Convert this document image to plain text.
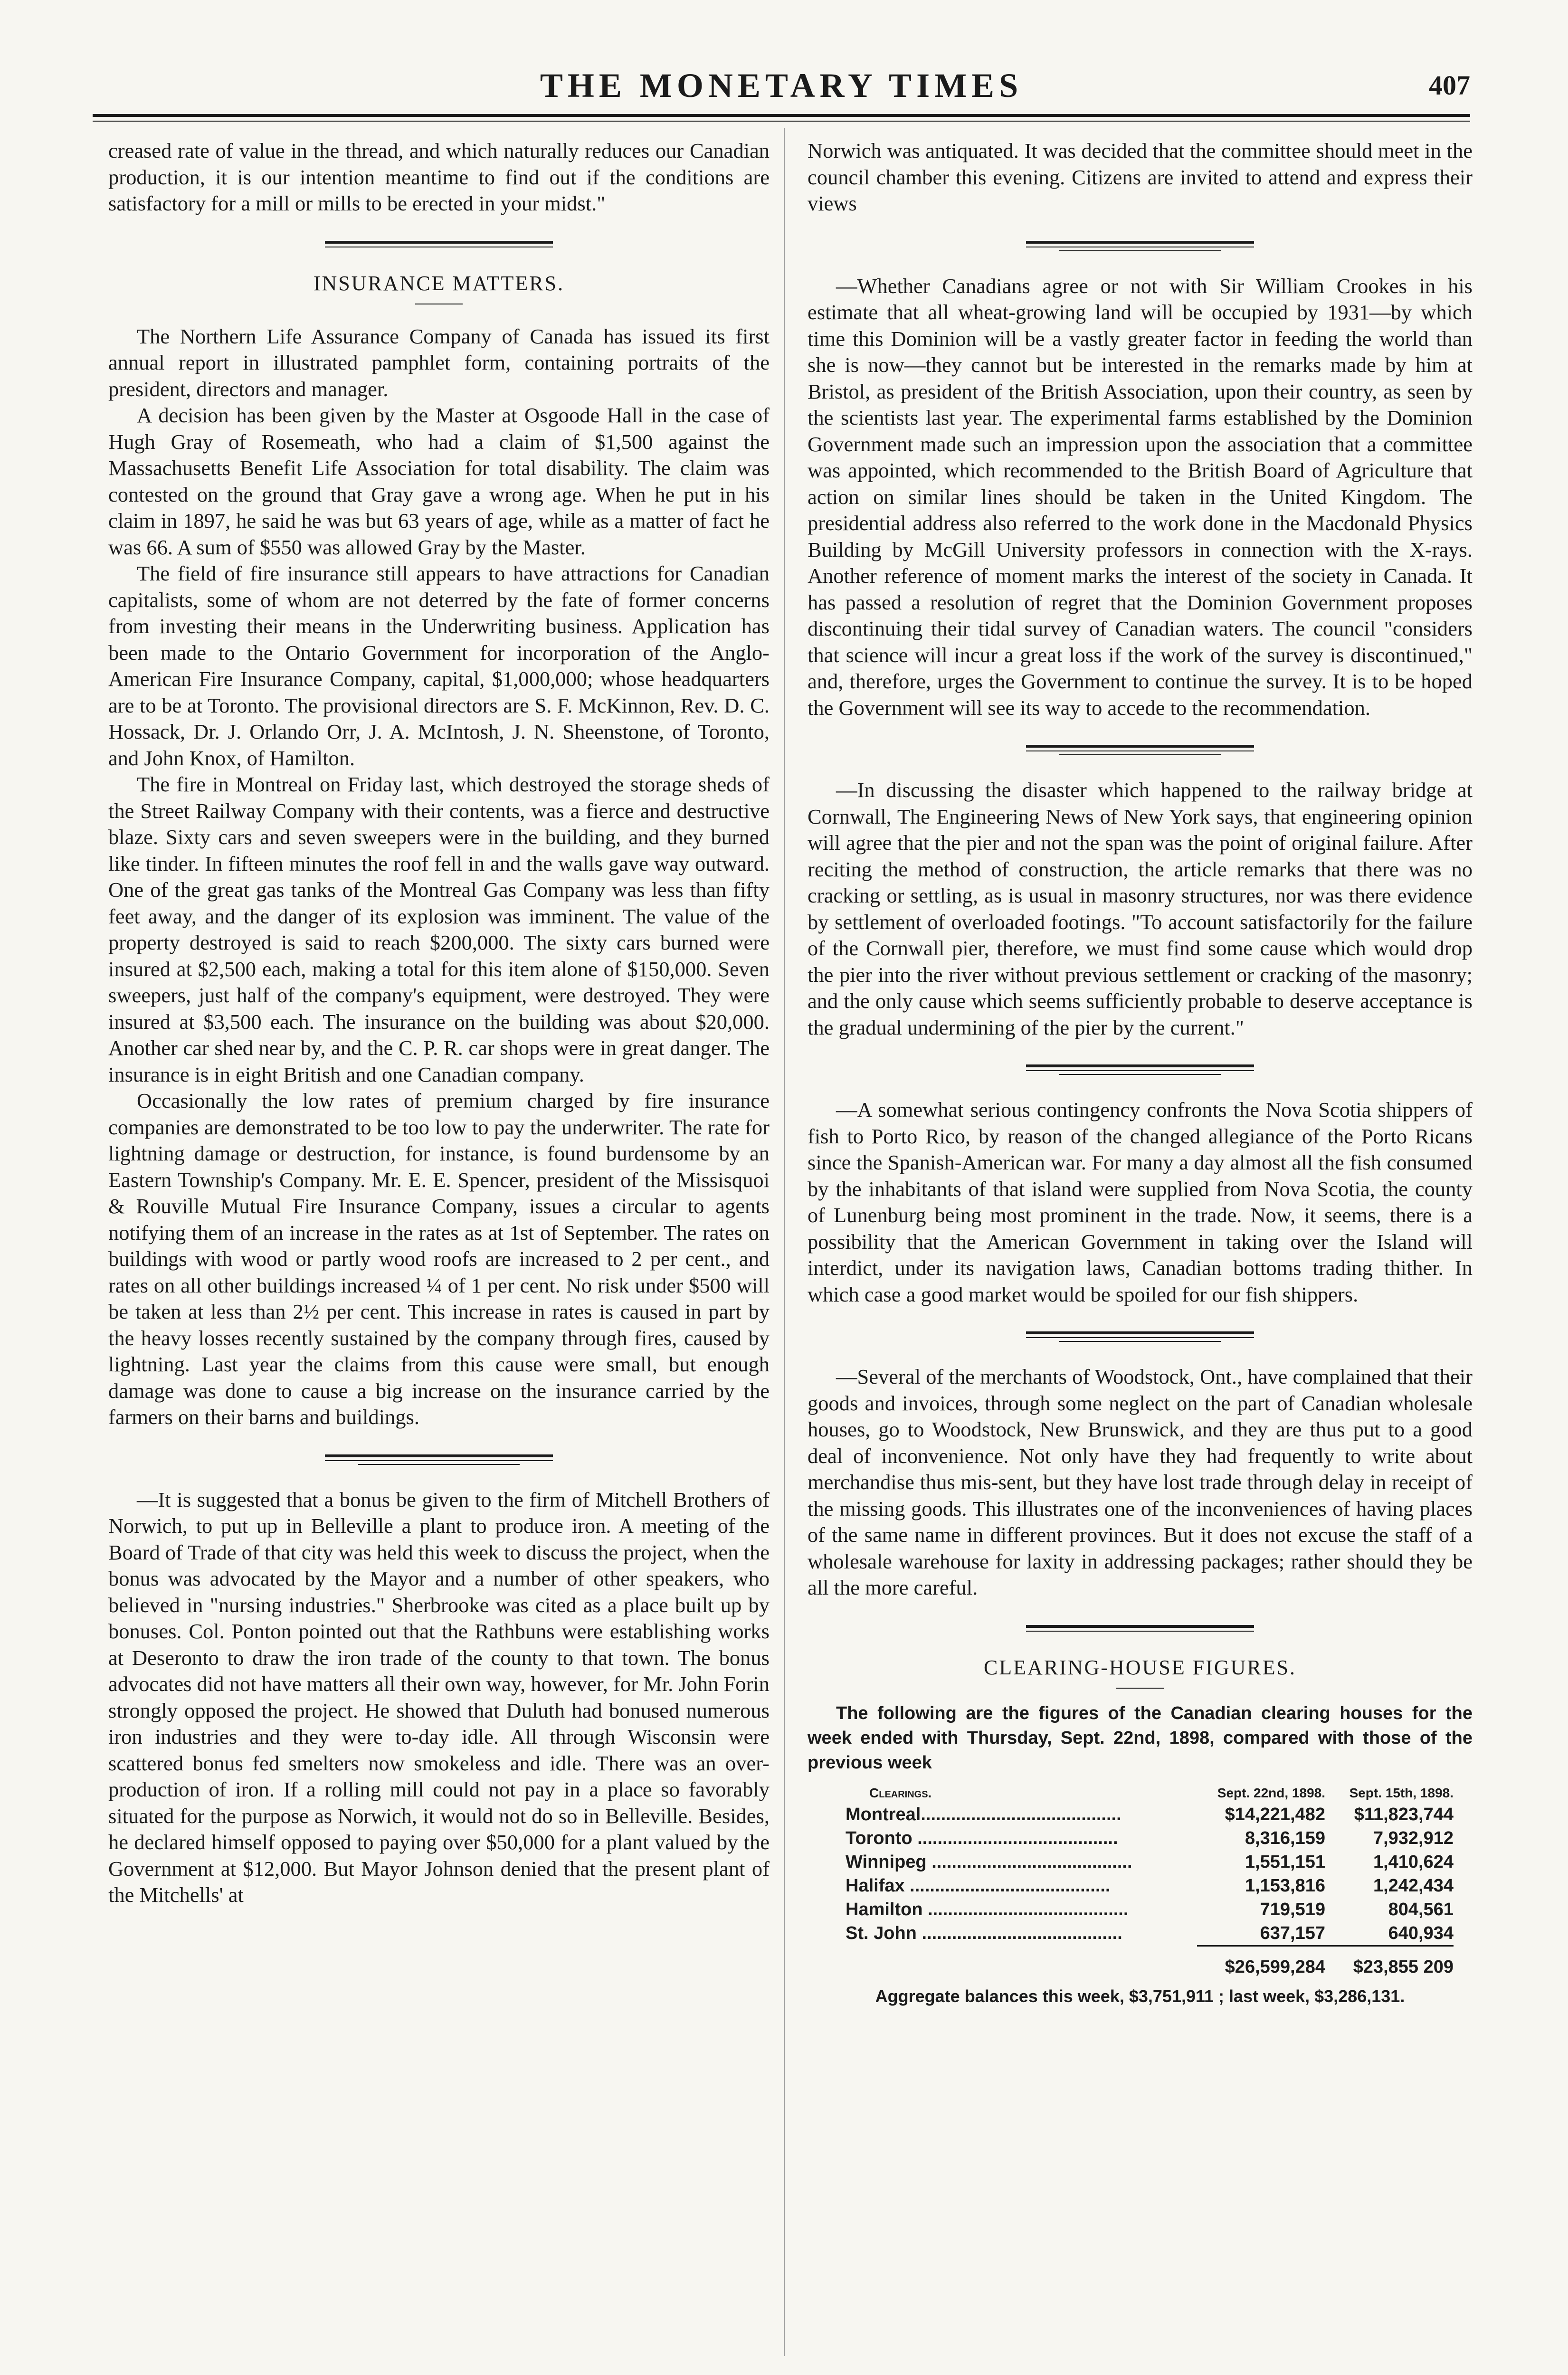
THE MONETARY TIMES	407

creased rate of value in the thread, and which naturally reduces our Canadian production, it is our intention meantime to find out if the conditions are satisfactory for a mill or mills to be erected in your midst."

INSURANCE MATTERS.

The Northern Life Assurance Company of Canada has issued its first annual report in illustrated pamphlet form, containing portraits of the president, directors and manager.

A decision has been given by the Master at Osgoode Hall in the case of Hugh Gray of Rosemeath, who had a claim of $1,500 against the Massachusetts Benefit Life Association for total disability. The claim was contested on the ground that Gray gave a wrong age. When he put in his claim in 1897, he said he was but 63 years of age, while as a matter of fact he was 66. A sum of $550 was allowed Gray by the Master.

The field of fire insurance still appears to have attractions for Canadian capitalists, some of whom are not deterred by the fate of former concerns from investing their means in the Underwriting business. Application has been made to the Ontario Government for incorporation of the Anglo-American Fire Insurance Company, capital, $1,000,000; whose headquarters are to be at Toronto. The provisional directors are S. F. McKinnon, Rev. D. C. Hossack, Dr. J. Orlando Orr, J. A. McIntosh, J. N. Sheenstone, of Toronto, and John Knox, of Hamilton.

The fire in Montreal on Friday last, which destroyed the storage sheds of the Street Railway Company with their contents, was a fierce and destructive blaze. Sixty cars and seven sweepers were in the building, and they burned like tinder. In fifteen minutes the roof fell in and the walls gave way outward. One of the great gas tanks of the Montreal Gas Company was less than fifty feet away, and the danger of its explosion was imminent. The value of the property destroyed is said to reach $200,000. The sixty cars burned were insured at $2,500 each, making a total for this item alone of $150,000. Seven sweepers, just half of the company's equipment, were destroyed. They were insured at $3,500 each. The insurance on the building was about $20,000. Another car shed near by, and the C. P. R. car shops were in great danger. The insurance is in eight British and one Canadian company.

Occasionally the low rates of premium charged by fire insurance companies are demonstrated to be too low to pay the underwriter. The rate for lightning damage or destruction, for instance, is found burdensome by an Eastern Township's Company. Mr. E. E. Spencer, president of the Missisquoi & Rouville Mutual Fire Insurance Company, issues a circular to agents notifying them of an increase in the rates as at 1st of September. The rates on buildings with wood or partly wood roofs are increased to 2 per cent., and rates on all other buildings increased ¼ of 1 per cent. No risk under $500 will be taken at less than 2½ per cent. This increase in rates is caused in part by the heavy losses recently sustained by the company through fires, caused by lightning. Last year the claims from this cause were small, but enough damage was done to cause a big increase on the insurance carried by the farmers on their barns and buildings.

—It is suggested that a bonus be given to the firm of Mitchell Brothers of Norwich, to put up in Belleville a plant to produce iron. A meeting of the Board of Trade of that city was held this week to discuss the project, when the bonus was advocated by the Mayor and a number of other speakers, who believed in "nursing industries." Sherbrooke was cited as a place built up by bonuses. Col. Ponton pointed out that the Rathbuns were establishing works at Deseronto to draw the iron trade of the county to that town. The bonus advocates did not have matters all their own way, however, for Mr. John Forin strongly opposed the project. He showed that Duluth had bonused numerous iron industries and they were to-day idle. All through Wisconsin were scattered bonus fed smelters now smokeless and idle. There was an over-production of iron. If a rolling mill could not pay in a place so favorably situated for the purpose as Norwich, it would not do so in Belleville. Besides, he declared himself opposed to paying over $50,000 for a plant valued by the Government at $12,000. But Mayor Johnson denied that the present plant of the Mitchells' at

Norwich was antiquated. It was decided that the committee should meet in the council chamber this evening. Citizens are invited to attend and express their views

—Whether Canadians agree or not with Sir William Crookes in his estimate that all wheat-growing land will be occupied by 1931—by which time this Dominion will be a vastly greater factor in feeding the world than she is now—they cannot but be interested in the remarks made by him at Bristol, as president of the British Association, upon their country, as seen by the scientists last year. The experimental farms established by the Dominion Government made such an impression upon the association that a committee was appointed, which recommended to the British Board of Agriculture that action on similar lines should be taken in the United Kingdom. The presidential address also referred to the work done in the Macdonald Physics Building by McGill University professors in connection with the X-rays. Another reference of moment marks the interest of the society in Canada. It has passed a resolution of regret that the Dominion Government proposes discontinuing their tidal survey of Canadian waters. The council "considers that science will incur a great loss if the work of the survey is discontinued," and, therefore, urges the Government to continue the survey. It is to be hoped the Government will see its way to accede to the recommendation.

—In discussing the disaster which happened to the railway bridge at Cornwall, The Engineering News of New York says, that engineering opinion will agree that the pier and not the span was the point of original failure. After reciting the method of construction, the article remarks that there was no cracking or settling, as is usual in masonry structures, nor was there evidence by settlement of overloaded footings. "To account satisfactorily for the failure of the Cornwall pier, therefore, we must find some cause which would drop the pier into the river without previous settlement or cracking of the masonry; and the only cause which seems sufficiently probable to deserve acceptance is the gradual undermining of the pier by the current."

—A somewhat serious contingency confronts the Nova Scotia shippers of fish to Porto Rico, by reason of the changed allegiance of the Porto Ricans since the Spanish-American war. For many a day almost all the fish consumed by the inhabitants of that island were supplied from Nova Scotia, the county of Lunenburg being most prominent in the trade. Now, it seems, there is a possibility that the American Government in taking over the Island will interdict, under its navigation laws, Canadian bottoms trading thither. In which case a good market would be spoiled for our fish shippers.

—Several of the merchants of Woodstock, Ont., have complained that their goods and invoices, through some neglect on the part of Canadian wholesale houses, go to Woodstock, New Brunswick, and they are thus put to a good deal of inconvenience. Not only have they had frequently to write about merchandise thus mis-sent, but they have lost trade through delay in receipt of the missing goods. This illustrates one of the inconveniences of having places of the same name in different provinces. But it does not excuse the staff of a wholesale warehouse for laxity in addressing packages; rather should they be all the more careful.

CLEARING-HOUSE FIGURES.

The following are the figures of the Canadian clearing houses for the week ended with Thursday, Sept. 22nd, 1898, compared with those of the previous week

Clearings.	Sept. 22nd, 1898.	Sept. 15th, 1898.
Montreal........................................	$14,221,482	$11,823,744
Toronto ........................................	8,316,159	7,932,912
Winnipeg ........................................	1,551,151	1,410,624
Halifax ........................................	1,153,816	1,242,434
Hamilton ........................................	719,519	804,561
St. John ........................................	637,157	640,934
	$26,599,284	$23,855 209
Aggregate balances this week, $3,751,911 ; last week, $3,286,131.
